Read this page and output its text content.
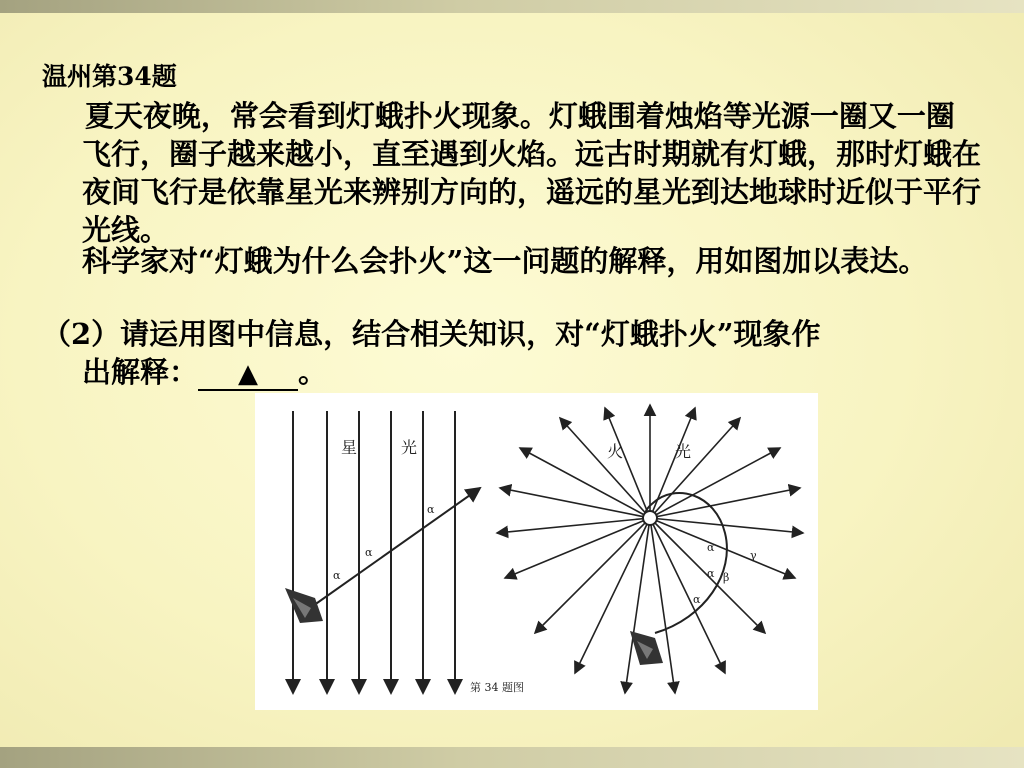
温州第34题

夏天夜晚，常会看到灯蛾扑火现象。灯蛾围着烛焰等光源一圈又一圈飞行，圈子越来越小，直至遇到火焰。远古时期就有灯蛾，那时灯蛾在夜间飞行是依靠星光来辨别方向的，遥远的星光到达地球时近似于平行光线。

科学家对“灯蛾为什么会扑火”这一问题的解释，用如图加以表达。

（2）请运用图中信息，结合相关知识，对“灯蛾扑火”现象作
出解释： ▲ 。
星	光
α
α
α
火	光
α
α
α
β
γ
第 34 题图
